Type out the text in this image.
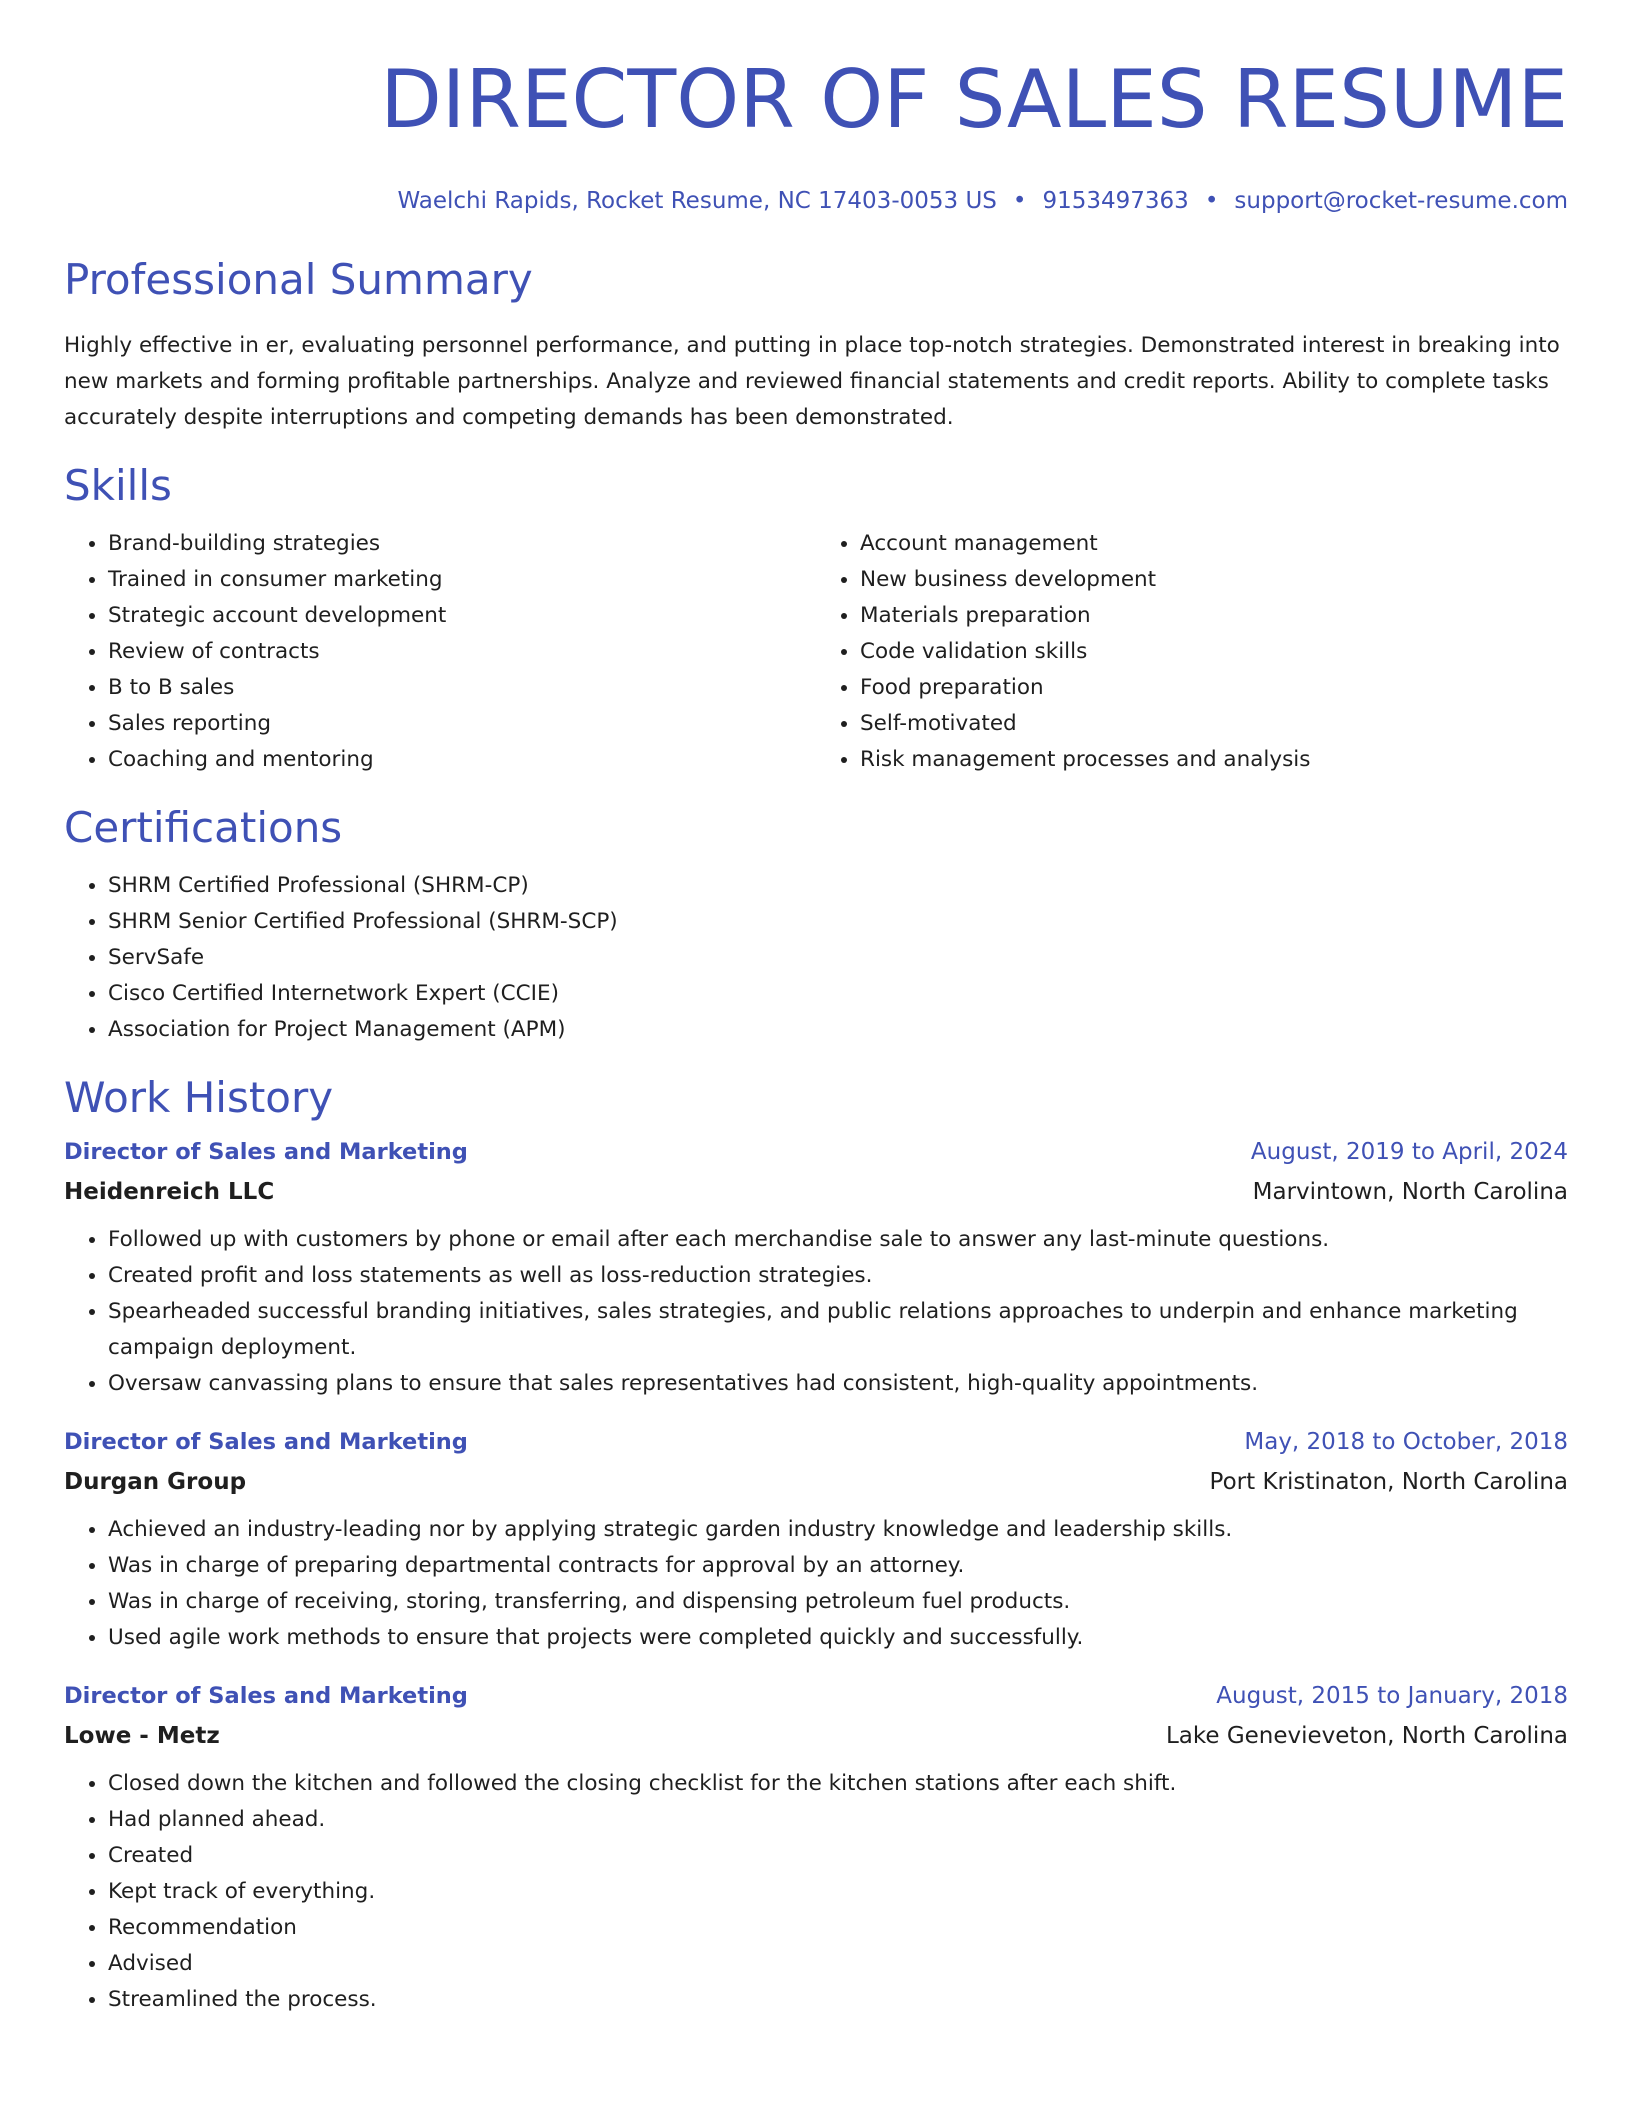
DIRECTOR OF SALES RESUME
Waelchi Rapids, Rocket Resume, NC 17403-0053 US • 9153497363 • support@rocket-resume.com
Professional Summary

Highly effective in er, evaluating personnel performance, and putting in place top-notch strategies. Demonstrated interest in breaking into new markets and forming profitable partnerships. Analyze and reviewed financial statements and credit reports. Ability to complete tasks accurately despite interruptions and competing demands has been demonstrated.

Skills
• Brand-building strategies
• Trained in consumer marketing
• Strategic account development
• Review of contracts
• B to B sales
• Sales reporting
• Coaching and mentoring
• Account management
• New business development
• Materials preparation
• Code validation skills
• Food preparation
• Self-motivated
• Risk management processes and analysis
Certifications
• SHRM Certified Professional (SHRM-CP)
• SHRM Senior Certified Professional (SHRM-SCP)
• ServSafe
• Cisco Certified Internetwork Expert (CCIE)
• Association for Project Management (APM)
Work History
Director of Sales and Marketing	August, 2019 to April, 2024
Heidenreich LLC	Marvintown, North Carolina
• Followed up with customers by phone or email after each merchandise sale to answer any last-minute questions.
• Created profit and loss statements as well as loss-reduction strategies.
• Spearheaded successful branding initiatives, sales strategies, and public relations approaches to underpin and enhance marketing campaign deployment.
• Oversaw canvassing plans to ensure that sales representatives had consistent, high-quality appointments.
Director of Sales and Marketing	May, 2018 to October, 2018
Durgan Group	Port Kristinaton, North Carolina
• Achieved an industry-leading nor by applying strategic garden industry knowledge and leadership skills.
• Was in charge of preparing departmental contracts for approval by an attorney.
• Was in charge of receiving, storing, transferring, and dispensing petroleum fuel products.
• Used agile work methods to ensure that projects were completed quickly and successfully.
Director of Sales and Marketing	August, 2015 to January, 2018
Lowe - Metz	Lake Genevieveton, North Carolina
• Closed down the kitchen and followed the closing checklist for the kitchen stations after each shift.
• Had planned ahead.
• Created
• Kept track of everything.
• Recommendation
• Advised
• Streamlined the process.
